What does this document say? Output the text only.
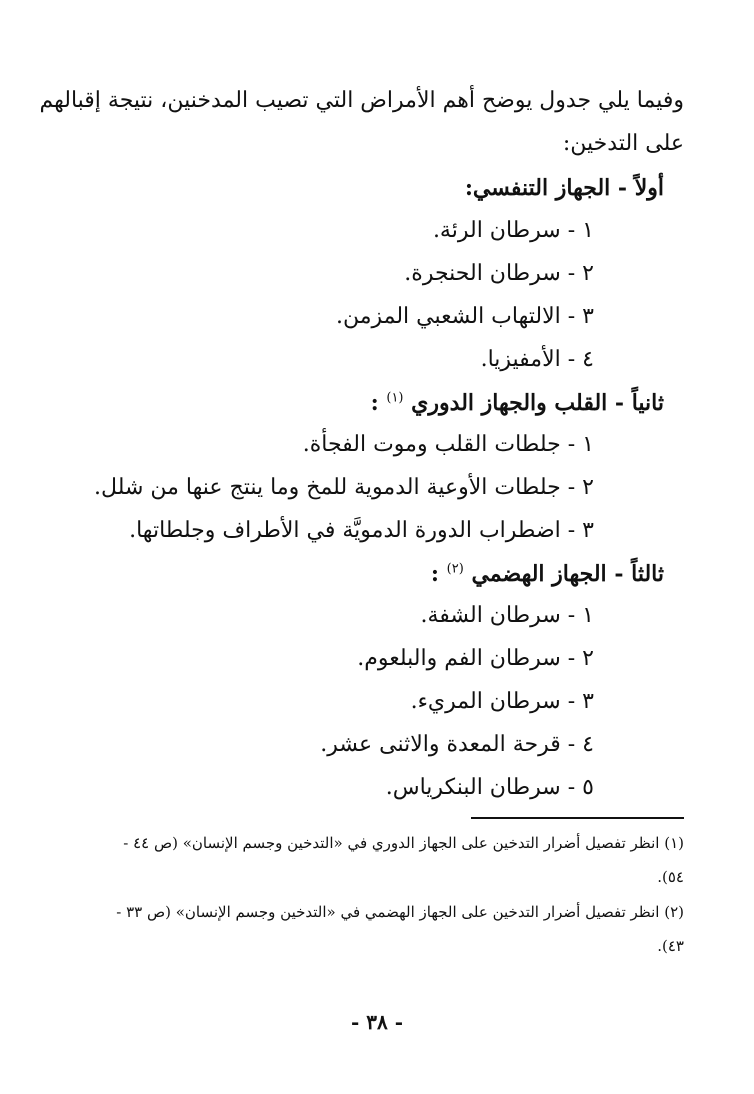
وفيما يلي جدول يوضح أهم الأمراض التي تصيب المدخنين، نتيجة إقبالهم
على التدخين:
أولاً - الجهاز التنفسي:
١ - سرطان الرئة.
٢ - سرطان الحنجرة.
٣ - الالتهاب الشعبي المزمن.
٤ - الأمفيزيا.
ثانياً - القلب والجهاز الدوري $^{(١)}$ :
١ - جلطات القلب وموت الفجأة.
٢ - جلطات الأوعية الدموية للمخ وما ينتج عنها من شلل.
٣ - اضطراب الدورة الدمويَّة في الأطراف وجلطاتها.
ثالثاً - الجهاز الهضمي $^{(٢)}$ :
١ - سرطان الشفة.
٢ - سرطان الفم والبلعوم.
٣ - سرطان المريء.
٤ - قرحة المعدة والاثنى عشر.
٥ - سرطان البنكرياس.
(١) انظر تفصيل أضرار التدخين على الجهاز الدوري في «التدخين وجسم الإنسان» (ص ٤٤ -
٥٤).
(٢) انظر تفصيل أضرار التدخين على الجهاز الهضمي في «التدخين وجسم الإنسان» (ص ٣٣ -
٤٣).
- ٣٨ -
